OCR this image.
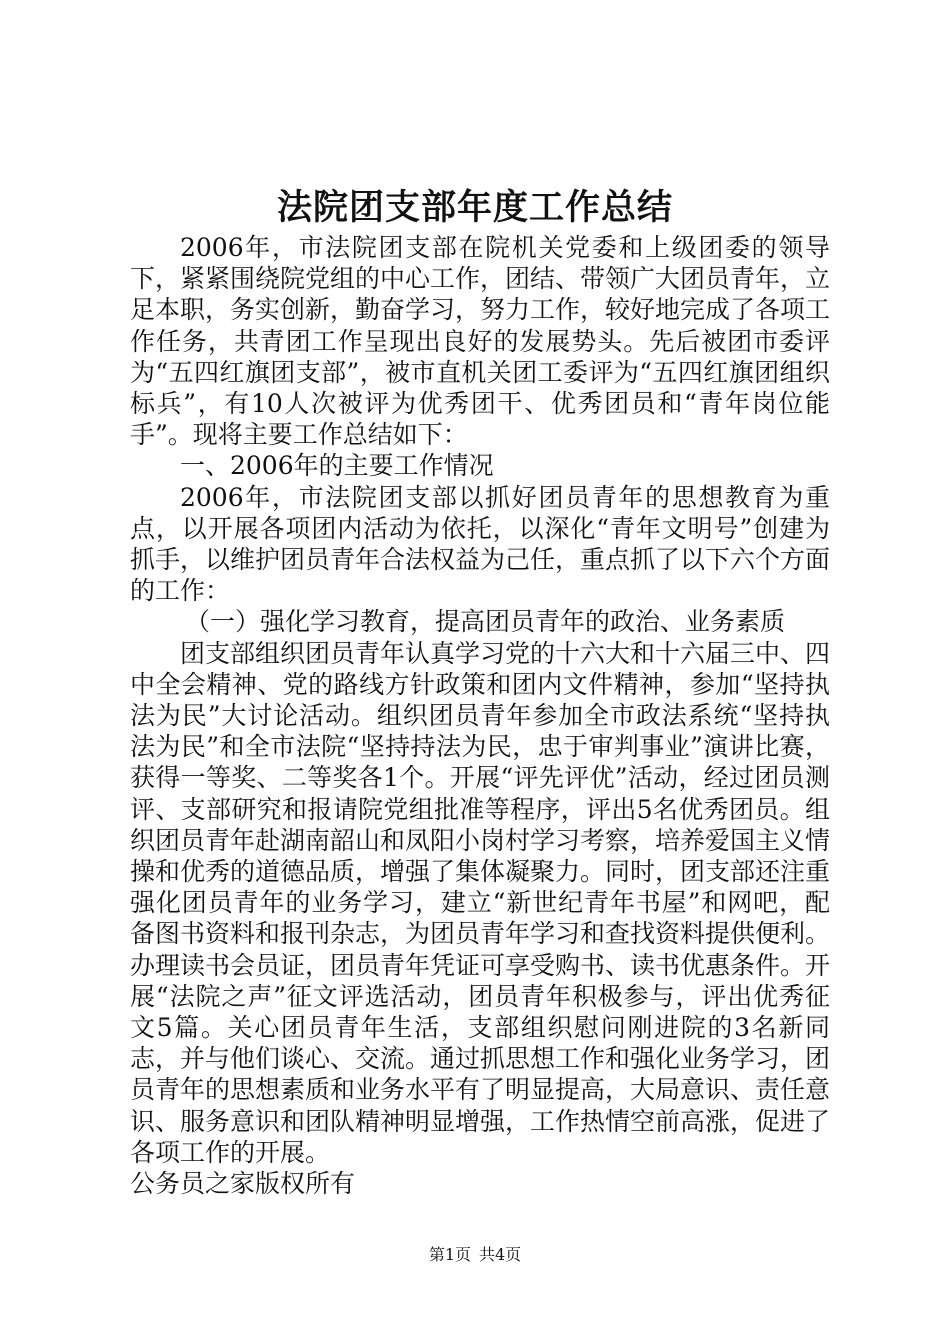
法院团支部年度工作总结

2006年，市法院团支部在院机关党委和上级团委的领导下，紧紧围绕院党组的中心工作，团结、带领广大团员青年，立足本职，务实创新，勤奋学习，努力工作，较好地完成了各项工作任务，共青团工作呈现出良好的发展势头。先后被团市委评为“五四红旗团支部”，被市直机关团工委评为“五四红旗团组织标兵”，有10人次被评为优秀团干、优秀团员和“青年岗位能手”。现将主要工作总结如下：

一、2006年的主要工作情况

2006年，市法院团支部以抓好团员青年的思想教育为重点，以开展各项团内活动为依托，以深化“青年文明号”创建为抓手，以维护团员青年合法权益为己任，重点抓了以下六个方面的工作：

（一）强化学习教育，提高团员青年的政治、业务素质

团支部组织团员青年认真学习党的十六大和十六届三中、四中全会精神、党的路线方针政策和团内文件精神，参加“坚持执法为民”大讨论活动。组织团员青年参加全市政法系统“坚持执法为民”和全市法院“坚持持法为民，忠于审判事业”演讲比赛，获得一等奖、二等奖各1个。开展“评先评优”活动，经过团员测评、支部研究和报请院党组批准等程序，评出5名优秀团员。组织团员青年赴湖南韶山和凤阳小岗村学习考察，培养爱国主义情操和优秀的道德品质，增强了集体凝聚力。同时，团支部还注重强化团员青年的业务学习，建立“新世纪青年书屋”和网吧，配备图书资料和报刊杂志，为团员青年学习和查找资料提供便利。办理读书会员证，团员青年凭证可享受购书、读书优惠条件。开展“法院之声”征文评选活动，团员青年积极参与，评出优秀征文5篇。关心团员青年生活，支部组织慰问刚进院的3名新同志，并与他们谈心、交流。通过抓思想工作和强化业务学习，团员青年的思想素质和业务水平有了明显提高，大局意识、责任意识、服务意识和团队精神明显增强，工作热情空前高涨，促进了各项工作的开展。

公务员之家版权所有

第1页 共4页
